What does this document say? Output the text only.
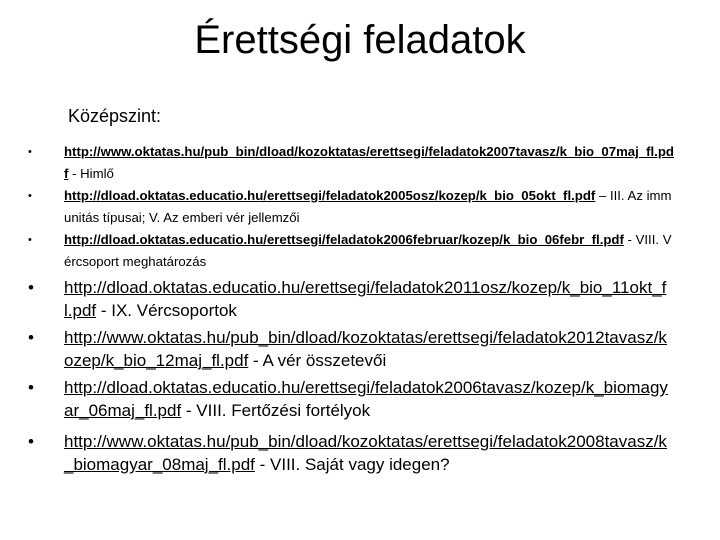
Érettségi feladatok
Középszint:
•	http://www.oktatas.hu/pub_bin/dload/kozoktatas/erettsegi/feladatok2007tavasz/k_bio_07maj_fl.pdf - Himlő
•	http://dload.oktatas.educatio.hu/erettsegi/feladatok2005osz/kozep/k_bio_05okt_fl.pdf – III. Az immunitás típusai; V. Az emberi vér jellemzői
•	http://dload.oktatas.educatio.hu/erettsegi/feladatok2006februar/kozep/k_bio_06febr_fl.pdf - VIII. Vércsoport meghatározás
•	http://dload.oktatas.educatio.hu/erettsegi/feladatok2011osz/kozep/k_bio_11okt_fl.pdf - IX. Vércsoportok
•	http://www.oktatas.hu/pub_bin/dload/kozoktatas/erettsegi/feladatok2012tavasz/kozep/k_bio_12maj_fl.pdf - A vér összetevői
•	http://dload.oktatas.educatio.hu/erettsegi/feladatok2006tavasz/kozep/k_biomagyar_06maj_fl.pdf - VIII. Fertőzési fortélyok
•	http://www.oktatas.hu/pub_bin/dload/kozoktatas/erettsegi/feladatok2008tavasz/k_biomagyar_08maj_fl.pdf - VIII. Saját vagy idegen?
